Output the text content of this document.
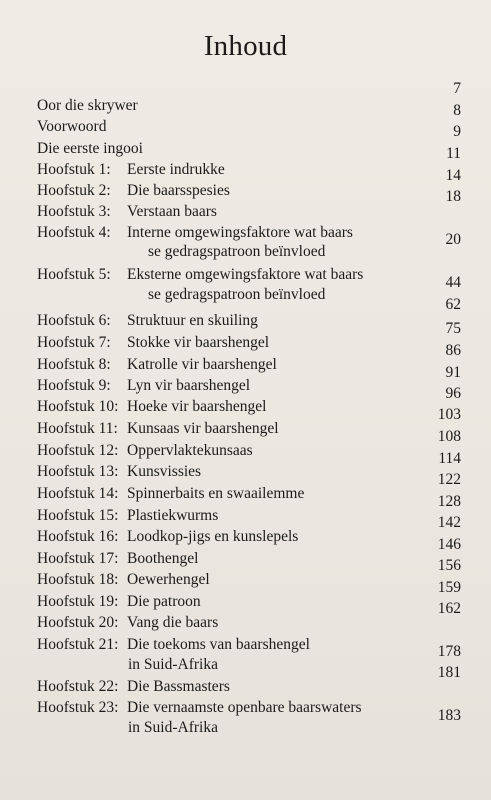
Inhoud
7
8
9
11
14
18
20
44
62
75
86
91
96
103
108
114
122
128
142
146
156
159
162
178
181
183
Oor die skrywer
Voorwoord
Die eerste ingooi
Hoofstuk 1: Eerste indrukke
Hoofstuk 2: Die baarsspesies
Hoofstuk 3: Verstaan baars
Hoofstuk 4: Interne omgewingsfaktore wat baars
se gedragspatroon beïnvloed
Hoofstuk 5: Eksterne omgewingsfaktore wat baars
se gedragspatroon beïnvloed
Hoofstuk 6: Struktuur en skuiling
Hoofstuk 7: Stokke vir baarshengel
Hoofstuk 8: Katrolle vir baarshengel
Hoofstuk 9: Lyn vir baarshengel
Hoofstuk 10: Hoeke vir baarshengel
Hoofstuk 11: Kunsaas vir baarshengel
Hoofstuk 12: Oppervlaktekunsaas
Hoofstuk 13: Kunsvissies
Hoofstuk 14: Spinnerbaits en swaailemme
Hoofstuk 15: Plastiekwurms
Hoofstuk 16: Loodkop-jigs en kunslepels
Hoofstuk 17: Boothengel
Hoofstuk 18: Oewerhengel
Hoofstuk 19: Die patroon
Hoofstuk 20: Vang die baars
Hoofstuk 21: Die toekoms van baarshengel
in Suid-Afrika
Hoofstuk 22: Die Bassmasters
Hoofstuk 23: Die vernaamste openbare baarswaters
in Suid-Afrika
